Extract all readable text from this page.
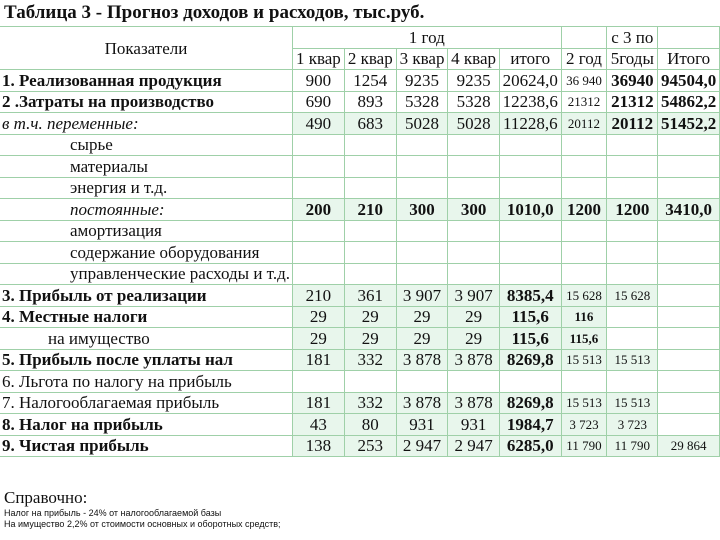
Таблица 3 - Прогноз доходов и расходов, тыс.руб.
Показатели	1 год						с 3 по	
	1 квар	2 квар	3 квар	4 квар	итого	2 год	5годы	Итого
1. Реализованная продукция	900	1254	9235	9235	20624,0	36 940	36940	94504,0
2 .Затраты на производство	690	893	5328	5328	12238,6	21312	21312	54862,2
в т.ч. переменные:	490	683	5028	5028	11228,6	20112	20112	51452,2
сырье								
материалы								
энергия и т.д.								
постоянные:	200	210	300	300	1010,0	1200	1200	3410,0
амортизация								
содержание оборудования								
управленческие расходы и т.д.								
3. Прибыль от реализации	210	361	3 907	3 907	8385,4	15 628	15 628	
4. Местные налоги	29	29	29	29	115,6	116		
на имущество	29	29	29	29	115,6	115,6		
5. Прибыль после уплаты нал	181	332	3 878	3 878	8269,8	15 513	15 513	
6. Льгота по налогу на прибыль								
7. Налогооблагаемая прибыль	181	332	3 878	3 878	8269,8	15 513	15 513	
8. Налог на прибыль	43	80	931	931	1984,7	3 723	3 723	
9. Чистая прибыль	138	253	2 947	2 947	6285,0	11 790	11 790	29 864
Справочно:
Налог на прибыль - 24% от налогооблагаемой базы
На имущество 2,2% от стоимости основных и оборотных средств;
